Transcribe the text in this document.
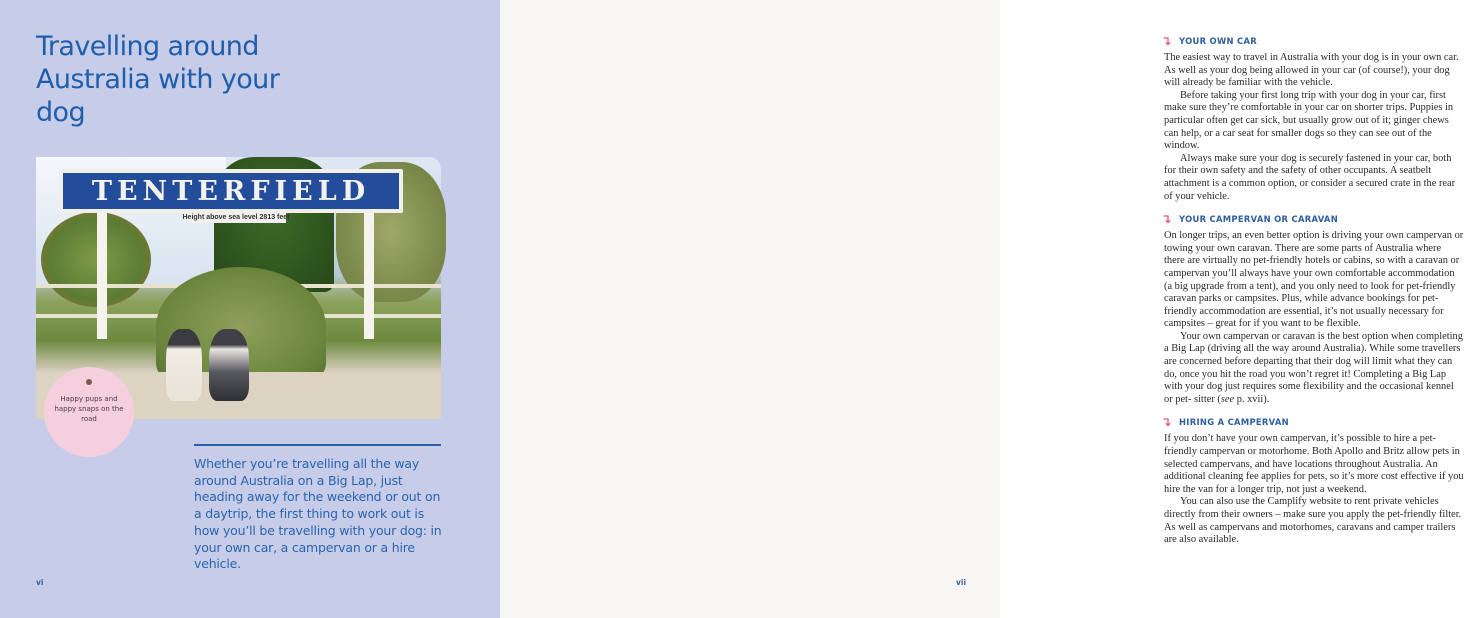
Travelling around Australia with your dog
TENTERFIELD
Height above sea level 2813 feet
Happy pups and happy snaps on the road

Whether you’re travelling all the way around Australia on a Big Lap, just heading away for the weekend or out on a daytrip, the first thing to work out is how you’ll be travelling with your dog: in your own car, a campervan or a hire vehicle.

vi
YOUR OWN CAR

The easiest way to travel in Australia with your dog is in your own car. As well as your dog being allowed in your car (of course!), your dog will already be familiar with the vehicle.

Before taking your first long trip with your dog in your car, first make sure they’re comfortable in your car on shorter trips. Puppies in particular often get car sick, but usually grow out of it; ginger chews can help, or a car seat for smaller dogs so they can see out of the window.

Always make sure your dog is securely fastened in your car, both for their own safety and the safety of other occupants. A seatbelt attachment is a common option, or consider a secured crate in the rear of your vehicle.

YOUR CAMPERVAN OR CARAVAN

On longer trips, an even better option is driving your own campervan or towing your own caravan. There are some parts of Australia where there are virtually no pet-friendly hotels or cabins, so with a caravan or campervan you’ll always have your own comfortable accommodation (a big upgrade from a tent), and you only need to look for pet-friendly caravan parks or campsites. Plus, while advance bookings for pet-friendly accommodation are essential, it’s not usually necessary for campsites – great for if you want to be flexible.

Your own campervan or caravan is the best option when completing a Big Lap (driving all the way around Australia). While some travellers are concerned before departing that their dog will limit what they can do, once you hit the road you won’t regret it! Completing a Big Lap with your dog just requires some flexibility and the occasional kennel or pet- sitter (see p. xvii).

HIRING A CAMPERVAN

If you don’t have your own campervan, it’s possible to hire a pet-friendly campervan or motorhome. Both Apollo and Britz allow pets in selected campervans, and have locations throughout Australia. An additional cleaning fee applies for pets, so it’s more cost effective if you hire the van for a longer trip, not just a weekend.

You can also use the Camplify website to rent private vehicles directly from their owners – make sure you apply the pet-friendly filter. As well as campervans and motorhomes, caravans and camper trailers are also available.

vii
